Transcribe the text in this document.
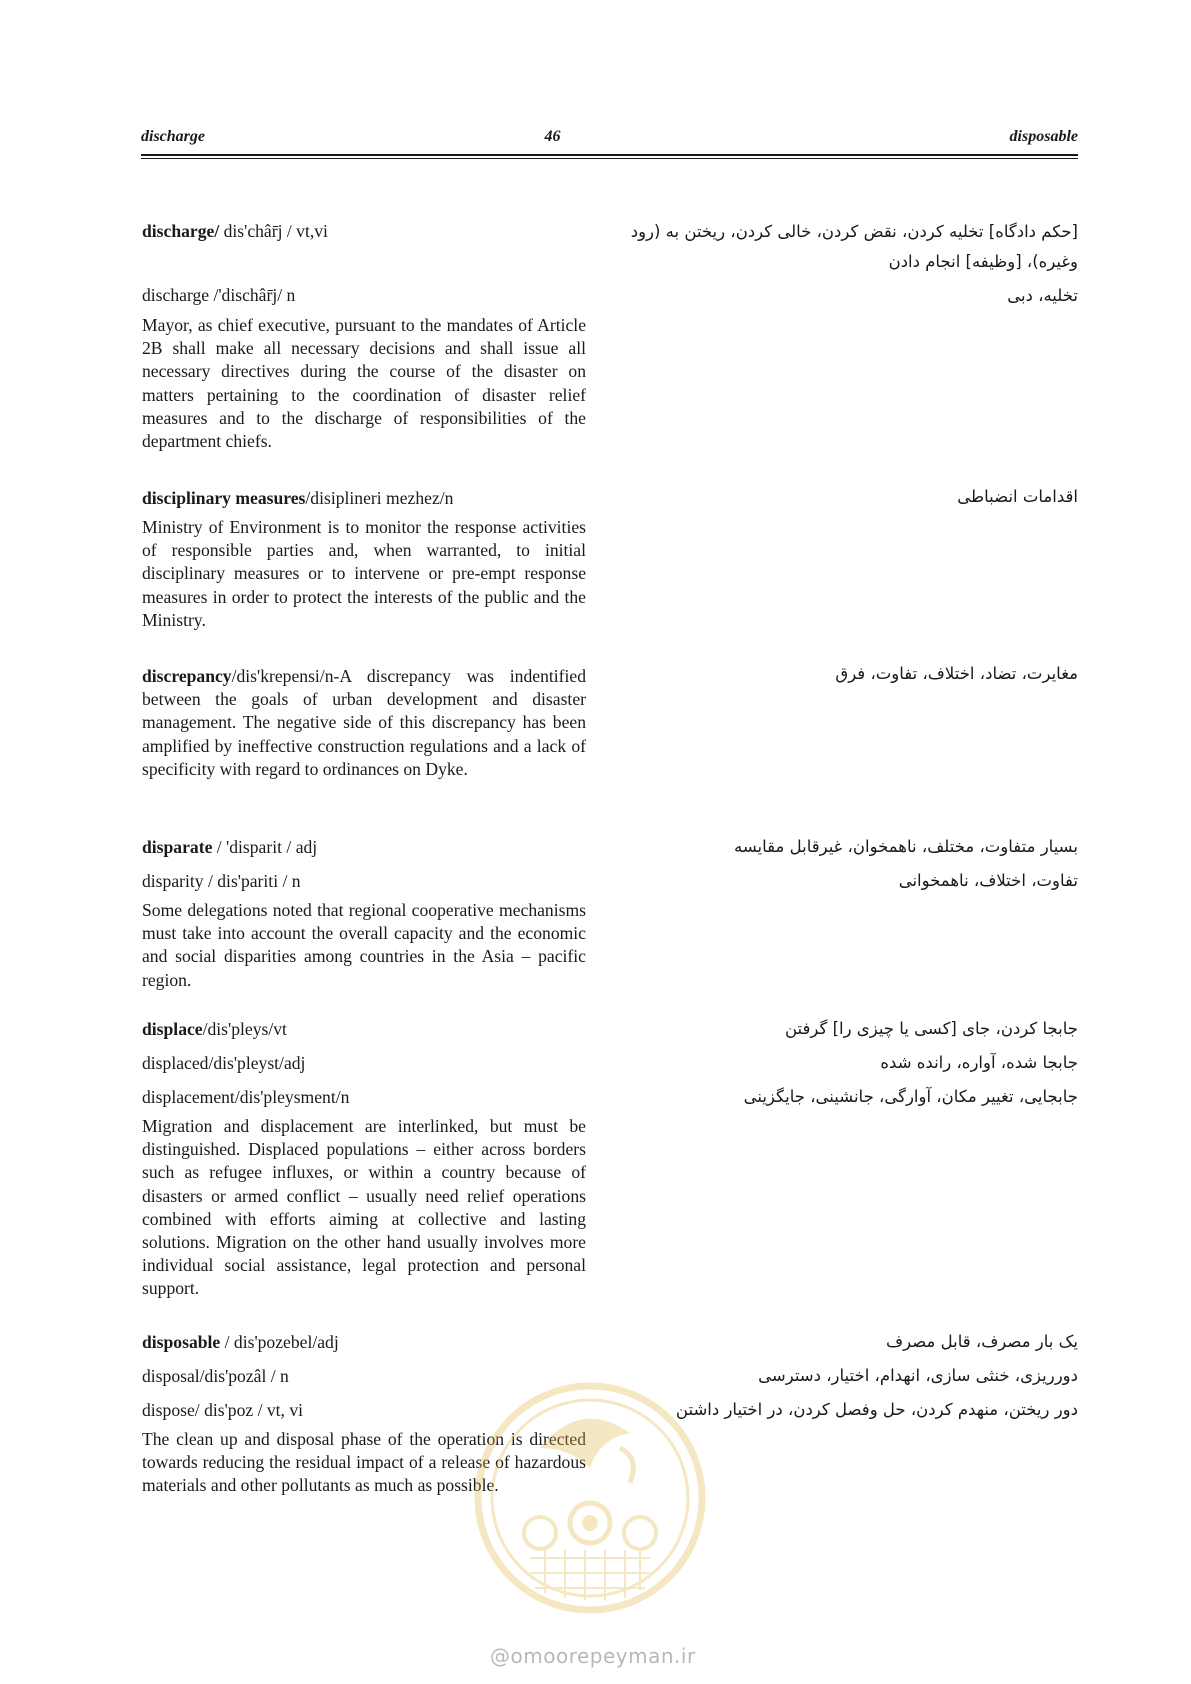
discharge	46	disposable
discharge/ dis'châr̄j / vt,vi
discharge /'dischâr̄j/ n
Mayor, as chief executive, pursuant to the mandates of Article 2B shall make all necessary decisions and shall issue all necessary directives during the course of the disaster on matters pertaining to the coordination of disaster relief measures and to the discharge of responsibilities of the department chiefs.
[حکم دادگاه] تخلیه کردن، نقض کردن، خالی کردن، ریختن به (رود وغیره)، [وظیفه] انجام دادن
تخلیه، دبی
disciplinary measures/disiplineri mezhez/n
Ministry of Environment is to monitor the response activities of responsible parties and, when warranted, to initial disciplinary measures or to intervene or pre-empt response measures in order to protect the interests of the public and the Ministry.
اقدامات انضباطی
discrepancy/dis'krepensi/n-A discrepancy was indentified between the goals of urban development and disaster management. The negative side of this discrepancy has been amplified by ineffective construction regulations and a lack of specificity with regard to ordinances on Dyke.
مغایرت، تضاد، اختلاف، تفاوت، فرق
disparate / 'disparit / adj
disparity / dis'pariti / n
Some delegations noted that regional cooperative mechanisms must take into account the overall capacity and the economic and social disparities among countries in the Asia – pacific region.
بسیار متفاوت، مختلف، ناهمخوان، غیرقابل مقایسه
تفاوت، اختلاف، ناهمخوانی
displace/dis'pleys/vt
displaced/dis'pleyst/adj
displacement/dis'pleysment/n
Migration and displacement are interlinked, but must be distinguished. Displaced populations – either across borders such as refugee influxes, or within a country because of disasters or armed conflict – usually need relief operations combined with efforts aiming at collective and lasting solutions. Migration on the other hand usually involves more individual social assistance, legal protection and personal support.
جابجا کردن، جای [کسی یا چیزی را] گرفتن
جابجا شده، آواره، رانده شده
جابجایی، تغییر مکان، آوارگی، جانشینی، جایگزینی
disposable / dis'pozebel/adj
disposal/dis'pozâl / n
dispose/ dis'poz / vt, vi
The clean up and disposal phase of the operation is directed towards reducing the residual impact of a release of hazardous materials and other pollutants as much as possible.
یک بار مصرف، قابل مصرف
دورریزی، خنثی سازی، انهدام، اختیار، دسترسی
دور ریختن، منهدم کردن، حل وفصل کردن، در اختیار داشتن
@omoorepeyman.ir
